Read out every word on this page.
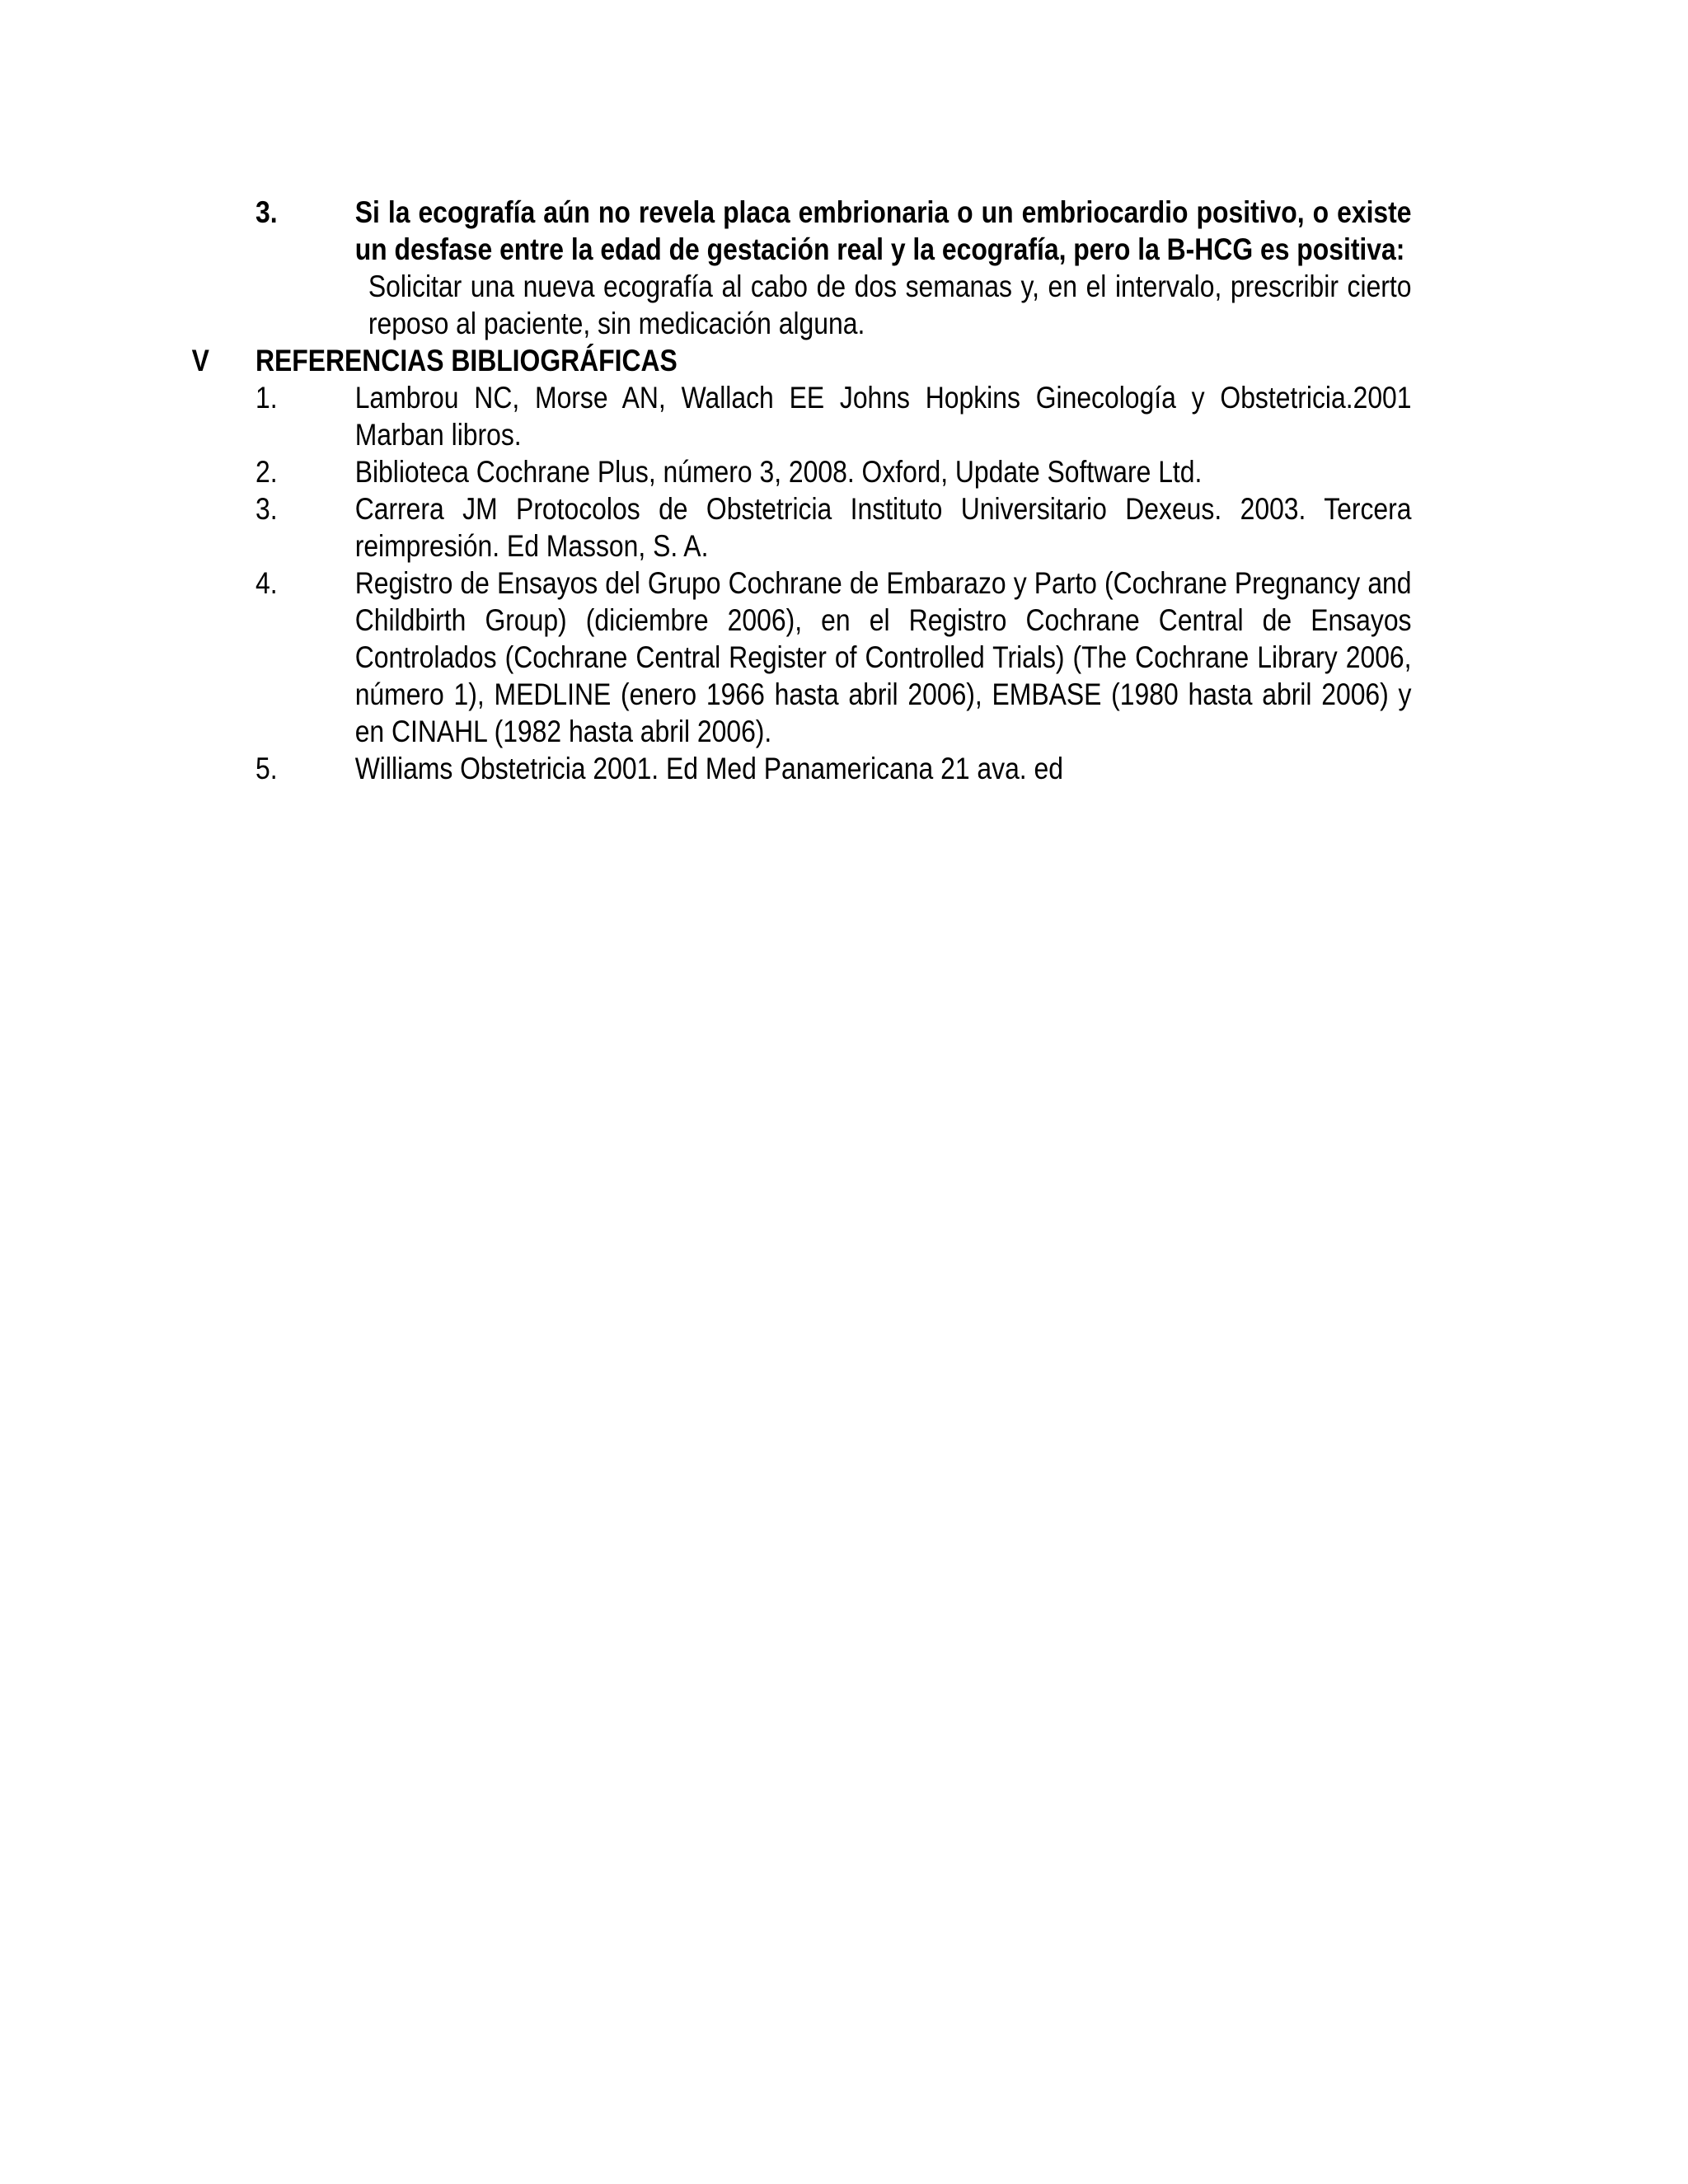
3.	Si la ecografía aún no revela placa embrionaria o un embriocardio positivo, o existe un desfase entre la edad de gestación real y la ecografía, pero la B-HCG es positiva:
Solicitar una nueva ecografía al cabo de dos semanas y, en el intervalo, prescribir cierto reposo al paciente, sin medicación alguna.
V REFERENCIAS BIBLIOGRÁFICAS
1.	Lambrou NC, Morse AN, Wallach EE Johns Hopkins Ginecología y Obstetricia.2001 Marban libros.
2.	Biblioteca Cochrane Plus, número 3, 2008. Oxford, Update Software Ltd.
3.	Carrera JM Protocolos de Obstetricia Instituto Universitario Dexeus. 2003. Tercera reimpresión. Ed Masson, S. A.
4.	Registro de Ensayos del Grupo Cochrane de Embarazo y Parto (Cochrane Pregnancy and Childbirth Group) (diciembre 2006), en el Registro Cochrane Central de Ensayos Controlados (Cochrane Central Register of Controlled Trials) (The Cochrane Library 2006, número 1), MEDLINE (enero 1966 hasta abril 2006), EMBASE (1980 hasta abril 2006) y en CINAHL (1982 hasta abril 2006).
5.	Williams Obstetricia 2001. Ed Med Panamericana 21 ava. ed
